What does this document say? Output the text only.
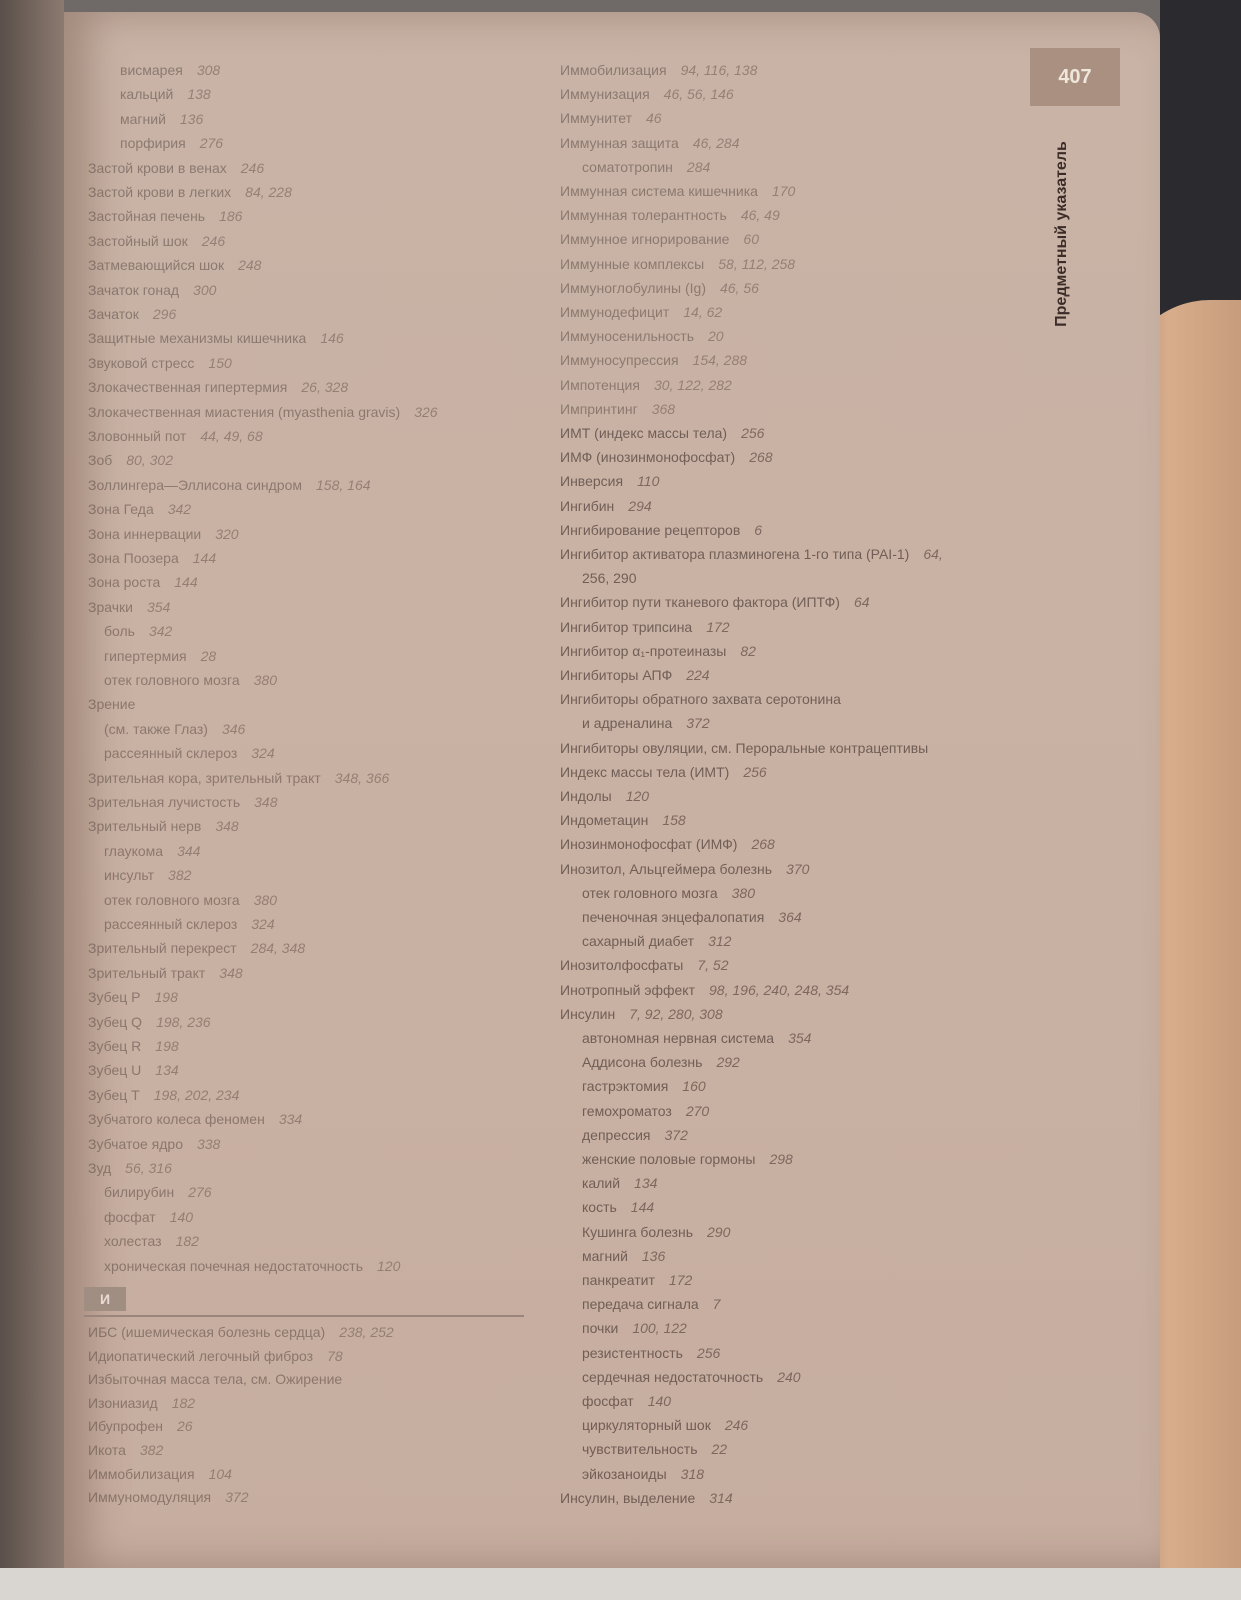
407
Предметный указатель
висмарея 308
кальций 138
магний 136
порфирия 276
Застой крови в венах 246
Застой крови в легких 84, 228
Застойная печень 186
Застойный шок 246
Затмевающийся шок 248
Зачаток гонад 300
Зачаток 296
Защитные механизмы кишечника 146
Звуковой стресс 150
Злокачественная гипертермия 26, 328
Злокачественная миастения (myasthenia gravis) 326
Зловонный пот 44, 49, 68
Зоб 80, 302
Золлингера—Эллисона синдром 158, 164
Зона Геда 342
Зона иннервации 320
Зона Поозера 144
Зона роста 144
Зрачки 354
боль 342
гипертермия 28
отек головного мозга 380
Зрение
(см. также Глаз) 346
рассеянный склероз 324
Зрительная кора, зрительный тракт 348, 366
Зрительная лучистость 348
Зрительный нерв 348
глаукома 344
инсульт 382
отек головного мозга 380
рассеянный склероз 324
Зрительный перекрест 284, 348
Зрительный тракт 348
Зубец P 198
Зубец Q 198, 236
Зубец R 198
Зубец U 134
Зубец T 198, 202, 234
Зубчатого колеса феномен 334
Зубчатое ядро 338
Зуд 56, 316
билирубин 276
фосфат 140
холестаз 182
хроническая почечная недостаточность 120
И
ИБС (ишемическая болезнь сердца) 238, 252
Идиопатический легочный фиброз 78
Избыточная масса тела, см. Ожирение
Изониазид 182
Ибупрофен 26
Икота 382
Иммобилизация 104
Иммуномодуляция 372
Иммобилизация 94, 116, 138
Иммунизация 46, 56, 146
Иммунитет 46
Иммунная защита 46, 284
соматотропин 284
Иммунная система кишечника 170
Иммунная толерантность 46, 49
Иммунное игнорирование 60
Иммунные комплексы 58, 112, 258
Иммуноглобулины (Ig) 46, 56
Иммунодефицит 14, 62
Иммуносенильность 20
Иммуносупрессия 154, 288
Импотенция 30, 122, 282
Импринтинг 368
ИМТ (индекс массы тела) 256
ИМФ (инозинмонофосфат) 268
Инверсия 110
Ингибин 294
Ингибирование рецепторов 6
Ингибитор активатора плазминогена 1-го типа (PAI-1) 64,
256, 290
Ингибитор пути тканевого фактора (ИПТФ) 64
Ингибитор трипсина 172
Ингибитор α₁-протеиназы 82
Ингибиторы АПФ 224
Ингибиторы обратного захвата серотонина
и адреналина 372
Ингибиторы овуляции, см. Пероральные контрацептивы
Индекс массы тела (ИМТ) 256
Индолы 120
Индометацин 158
Инозинмонофосфат (ИМФ) 268
Инозитол, Альцгеймера болезнь 370
отек головного мозга 380
печеночная энцефалопатия 364
сахарный диабет 312
Инозитолфосфаты 7, 52
Инотропный эффект 98, 196, 240, 248, 354
Инсулин 7, 92, 280, 308
автономная нервная система 354
Аддисона болезнь 292
гастрэктомия 160
гемохроматоз 270
депрессия 372
женские половые гормоны 298
калий 134
кость 144
Кушинга болезнь 290
магний 136
панкреатит 172
передача сигнала 7
почки 100, 122
резистентность 256
сердечная недостаточность 240
фосфат 140
циркуляторный шок 246
чувствительность 22
эйкозаноиды 318
Инсулин, выделение 314
